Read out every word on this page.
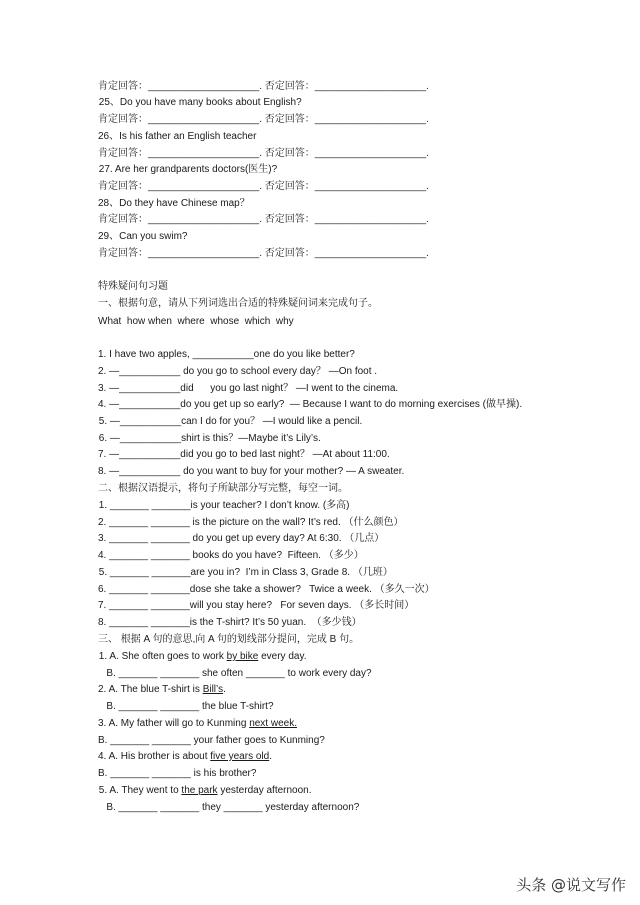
肯定回答：____________________. 否定回答：____________________.
25、Do you have many books about English?
肯定回答：____________________. 否定回答：____________________.
26、Is his father an English teacher
肯定回答：____________________. 否定回答：____________________.
27. Are her grandparents doctors(医生)?
肯定回答：____________________. 否定回答：____________________.
28、Do they have Chinese map？
肯定回答：____________________. 否定回答：____________________.
29、Can you swim?
肯定回答：____________________. 否定回答：____________________.
特殊疑问句习题
一、根据句意，请从下列词选出合适的特殊疑问词来完成句子。
What  how when  where  whose  which  why
1. I have two apples, ___________one do you like better?
2. —___________ do you go to school every day？ —On foot .
3. —___________did      you go last night？ —I went to the cinema.
4. —___________do you get up so early?  — Because I want to do morning exercises (做早操).
5. —___________can I do for you？ —I would like a pencil.
6. —___________shirt is this？—Maybe it’s Lily’s.
7. —___________did you go to bed last night？ —At about 11:00.
8. —___________ do you want to buy for your mother? — A sweater.
二、根据汉语提示，将句子所缺部分写完整，每空一词。
1. _______ _______is your teacher? I don’t know. (多高)
2. _______ _______ is the picture on the wall? It’s red. （什么颜色）
3. _______ _______ do you get up every day? At 6:30. （几点）
4. _______ _______ books do you have?  Fifteen. （多少）
5. _______ _______are you in?  I’m in Class 3, Grade 8. （几班）
6. _______ _______dose she take a shower?   Twice a week. （多久一次）
7. _______ _______will you stay here?   For seven days. （多长时间）
8. _______ _______is the T-shirt? It’s 50 yuan.  （多少钱）
三、 根据 A 句的意思,向 A 句的划线部分提问，完成 B 句。
1. A. She often goes to work by bike every day.
B. _______ _______ she often _______ to work every day?
2. A. The blue T-shirt is Bill’s.
B. _______ _______ the blue T-shirt?
3. A. My father will go to Kunming next week.
B. _______ _______ your father goes to Kunming?
4. A. His brother is about five years old.
B. _______ _______ is his brother?
5. A. They went to the park yesterday afternoon.
B. _______ _______ they _______ yesterday afternoon?
头条 @说文写作
